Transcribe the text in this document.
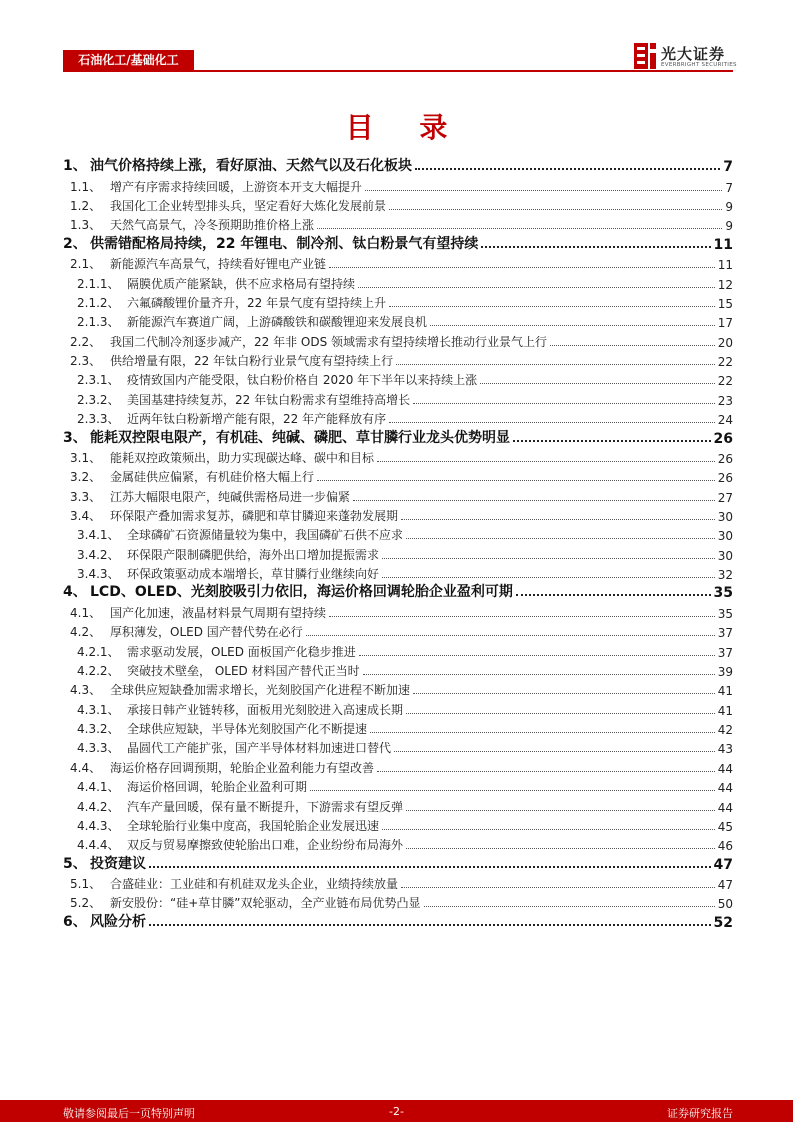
石油化工/基础化工	光大证券
EVERBRIGHT SECURITIES
目 录
1、 油气价格持续上涨，看好原油、天然气以及石化板块	7
1.1、 增产有序需求持续回暖，上游资本开支大幅提升	7
1.2、 我国化工企业转型排头兵，坚定看好大炼化发展前景	9
1.3、 天然气高景气，冷冬预期助推价格上涨	9
2、 供需错配格局持续，22 年锂电、制冷剂、钛白粉景气有望持续	11
2.1、 新能源汽车高景气，持续看好锂电产业链	11
2.1.1、 隔膜优质产能紧缺，供不应求格局有望持续	12
2.1.2、 六氟磷酸锂价量齐升，22 年景气度有望持续上升	15
2.1.3、 新能源汽车赛道广阔，上游磷酸铁和碳酸锂迎来发展良机	17
2.2、 我国二代制冷剂逐步减产，22 年非 ODS 领域需求有望持续增长推动行业景气上行	20
2.3、 供给增量有限，22 年钛白粉行业景气度有望持续上行	22
2.3.1、 疫情致国内产能受限，钛白粉价格自 2020 年下半年以来持续上涨	22
2.3.2、 美国基建持续复苏，22 年钛白粉需求有望维持高增长	23
2.3.3、 近两年钛白粉新增产能有限，22 年产能释放有序	24
3、 能耗双控限电限产，有机硅、纯碱、磷肥、草甘膦行业龙头优势明显	26
3.1、 能耗双控政策频出，助力实现碳达峰、碳中和目标	26
3.2、 金属硅供应偏紧，有机硅价格大幅上行	26
3.3、 江苏大幅限电限产，纯碱供需格局进一步偏紧	27
3.4、 环保限产叠加需求复苏，磷肥和草甘膦迎来蓬勃发展期	30
3.4.1、 全球磷矿石资源储量较为集中，我国磷矿石供不应求	30
3.4.2、 环保限产限制磷肥供给，海外出口增加提振需求	30
3.4.3、 环保政策驱动成本端增长，草甘膦行业继续向好	32
4、 LCD、OLED、光刻胶吸引力依旧，海运价格回调轮胎企业盈利可期	35
4.1、 国产化加速，液晶材料景气周期有望持续	35
4.2、 厚积薄发，OLED 国产替代势在必行	37
4.2.1、 需求驱动发展，OLED 面板国产化稳步推进	37
4.2.2、 突破技术壁垒， OLED 材料国产替代正当时	39
4.3、 全球供应短缺叠加需求增长，光刻胶国产化进程不断加速	41
4.3.1、 承接日韩产业链转移，面板用光刻胶进入高速成长期	41
4.3.2、 全球供应短缺，半导体光刻胶国产化不断提速	42
4.3.3、 晶圆代工产能扩张，国产半导体材料加速进口替代	43
4.4、 海运价格存回调预期，轮胎企业盈利能力有望改善	44
4.4.1、 海运价格回调，轮胎企业盈利可期	44
4.4.2、 汽车产量回暖，保有量不断提升，下游需求有望反弹	44
4.4.3、 全球轮胎行业集中度高，我国轮胎企业发展迅速	45
4.4.4、 双反与贸易摩擦致使轮胎出口难，企业纷纷布局海外	46
5、 投资建议	47
5.1、 合盛硅业：工业硅和有机硅双龙头企业，业绩持续放量	47
5.2、 新安股份：“硅+草甘膦”双轮驱动，全产业链布局优势凸显	50
6、 风险分析	52
敬请参阅最后一页特别声明	-2-	证券研究报告
